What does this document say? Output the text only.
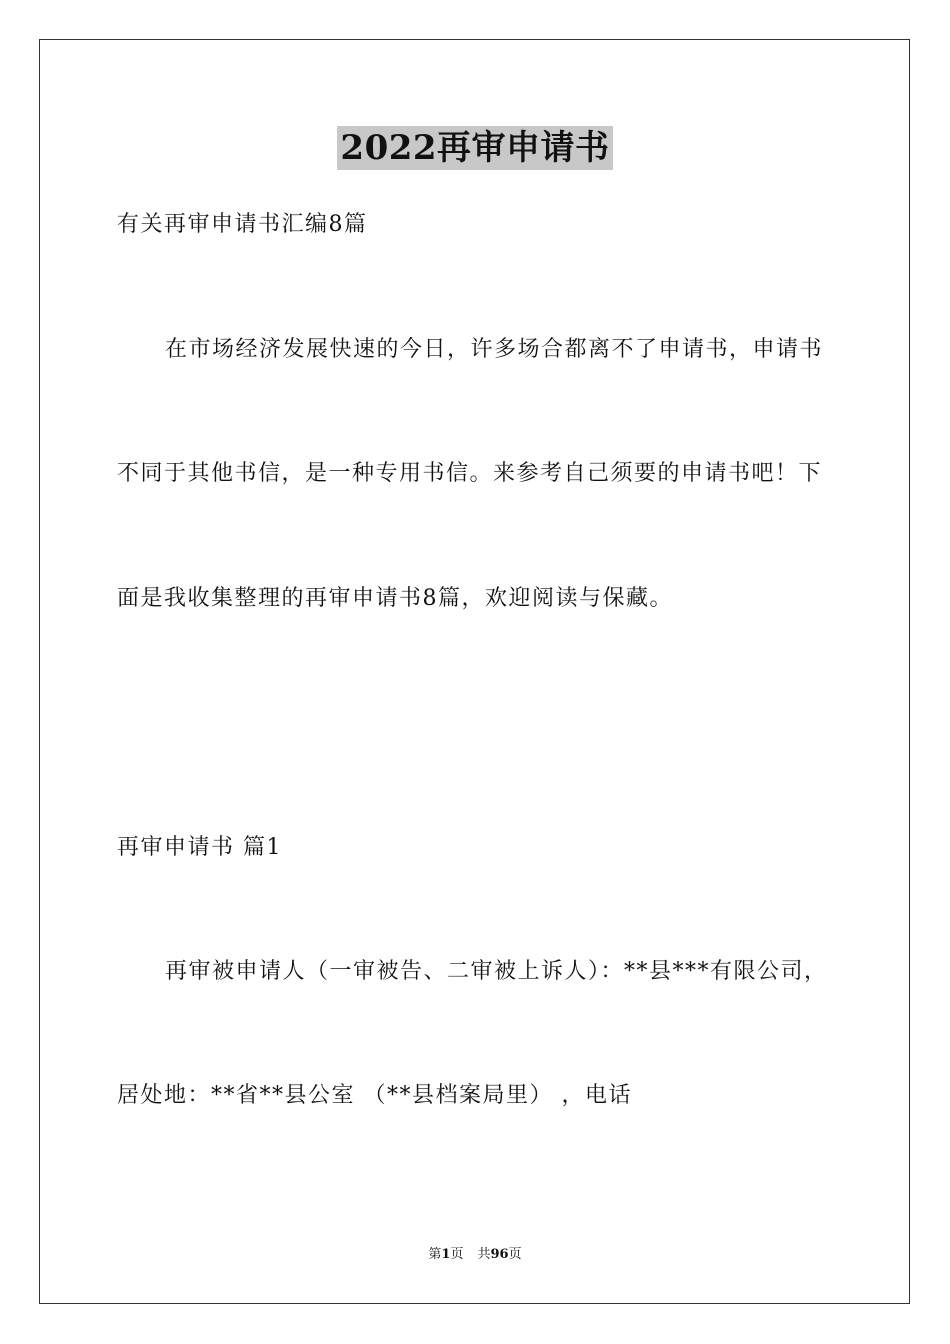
2022再审申请书
有关再审申请书汇编8篇
在市场经济发展快速的今日，许多场合都离不了申请书，申请书
不同于其他书信，是一种专用书信。来参考自己须要的申请书吧！下
面是我收集整理的再审申请书8篇，欢迎阅读与保藏。
再审申请书 篇1
再审被申请人（一审被告、二审被上诉人）：**县***有限公司，
居处地：**省**县公室 （**县档案局里） ，电话
第1页 共96页
